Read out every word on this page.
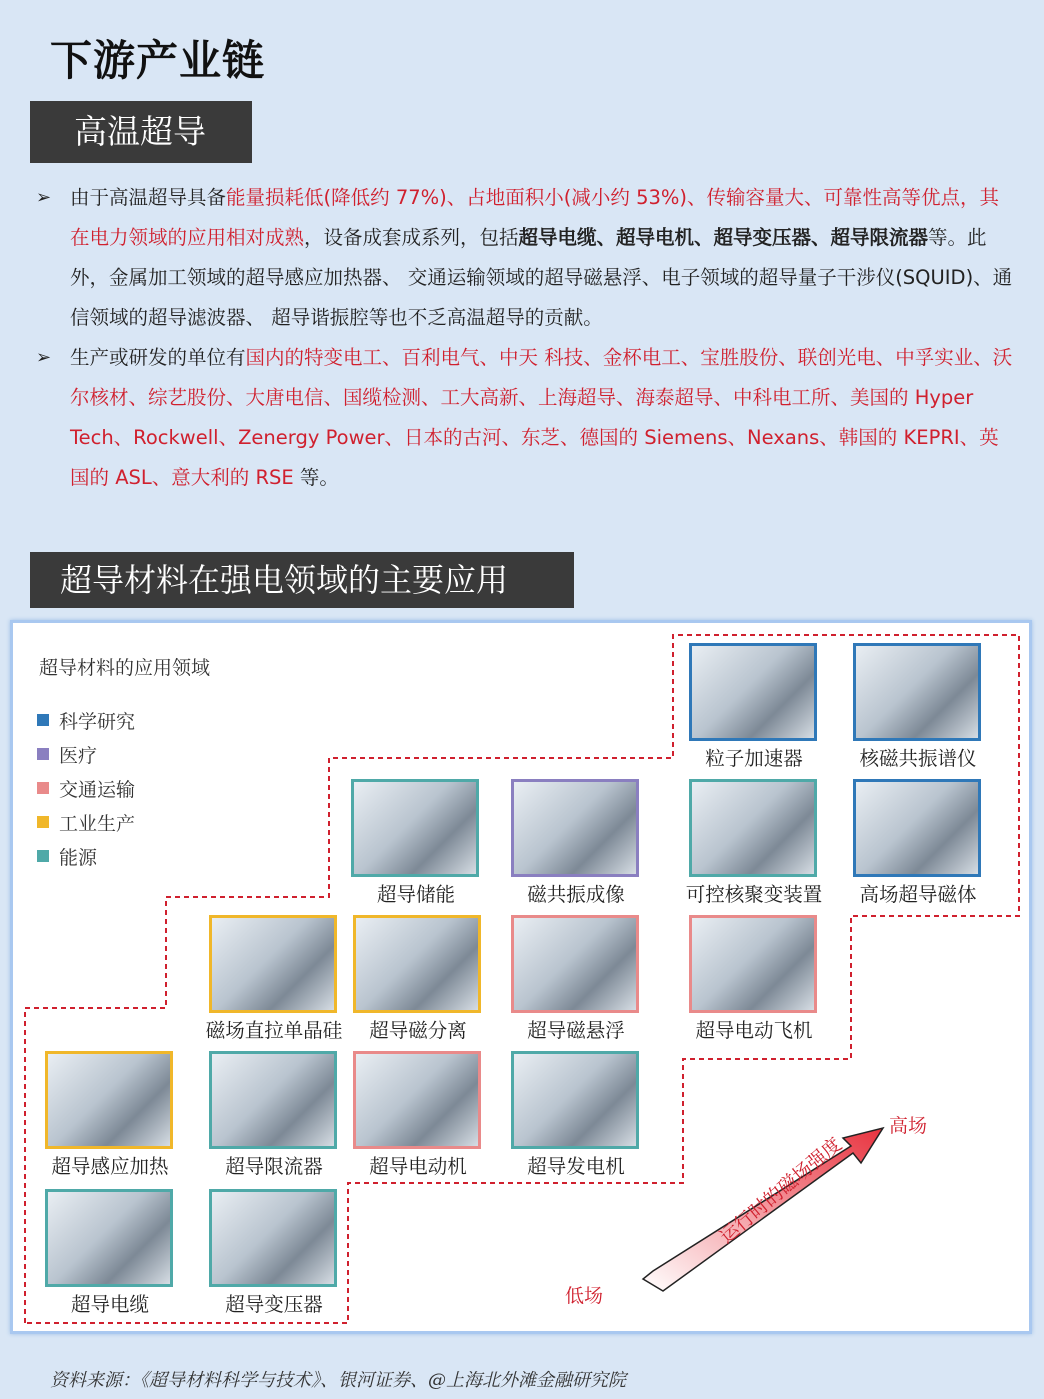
下游产业链
高温超导
➢ 由于高温超导具备能量损耗低(降低约 77%)、占地面积小(减小约 53%)、传输容量大、可靠性高等优点，其在电力领域的应用相对成熟，设备成套成系列，包括超导电缆、超导电机、超导变压器、超导限流器等。此外，金属加工领域的超导感应加热器、 交通运输领域的超导磁悬浮、电子领域的超导量子干涉仪(SQUID)、通信领域的超导滤波器、 超导谐振腔等也不乏高温超导的贡献。
➢ 生产或研发的单位有国内的特变电工、百利电气、中天 科技、金杯电工、宝胜股份、联创光电、中孚实业、沃尔核材、综艺股份、大唐电信、国缆检测、工大高新、上海超导、海泰超导、中科电工所、美国的 Hyper Tech、Rockwell、Zenergy Power、日本的古河、东芝、德国的 Siemens、Nexans、韩国的 KEPRI、英国的 ASL、意大利的 RSE 等。
超导材料在强电领域的主要应用
超导材料的应用领域
科学研究
医疗
交通运输
工业生产
能源
粒子加速器	核磁共振谱仪
超导储能	磁共振成像	可控核聚变装置	高场超导磁体
磁场直拉单晶硅	超导磁分离	超导磁悬浮	超导电动飞机
超导感应加热	超导限流器	超导电动机	超导发电机
超导电缆	超导变压器	低场
高场
运行时的磁场强度
资料来源：《超导材料科学与技术》、银河证券、@上海北外滩金融研究院
